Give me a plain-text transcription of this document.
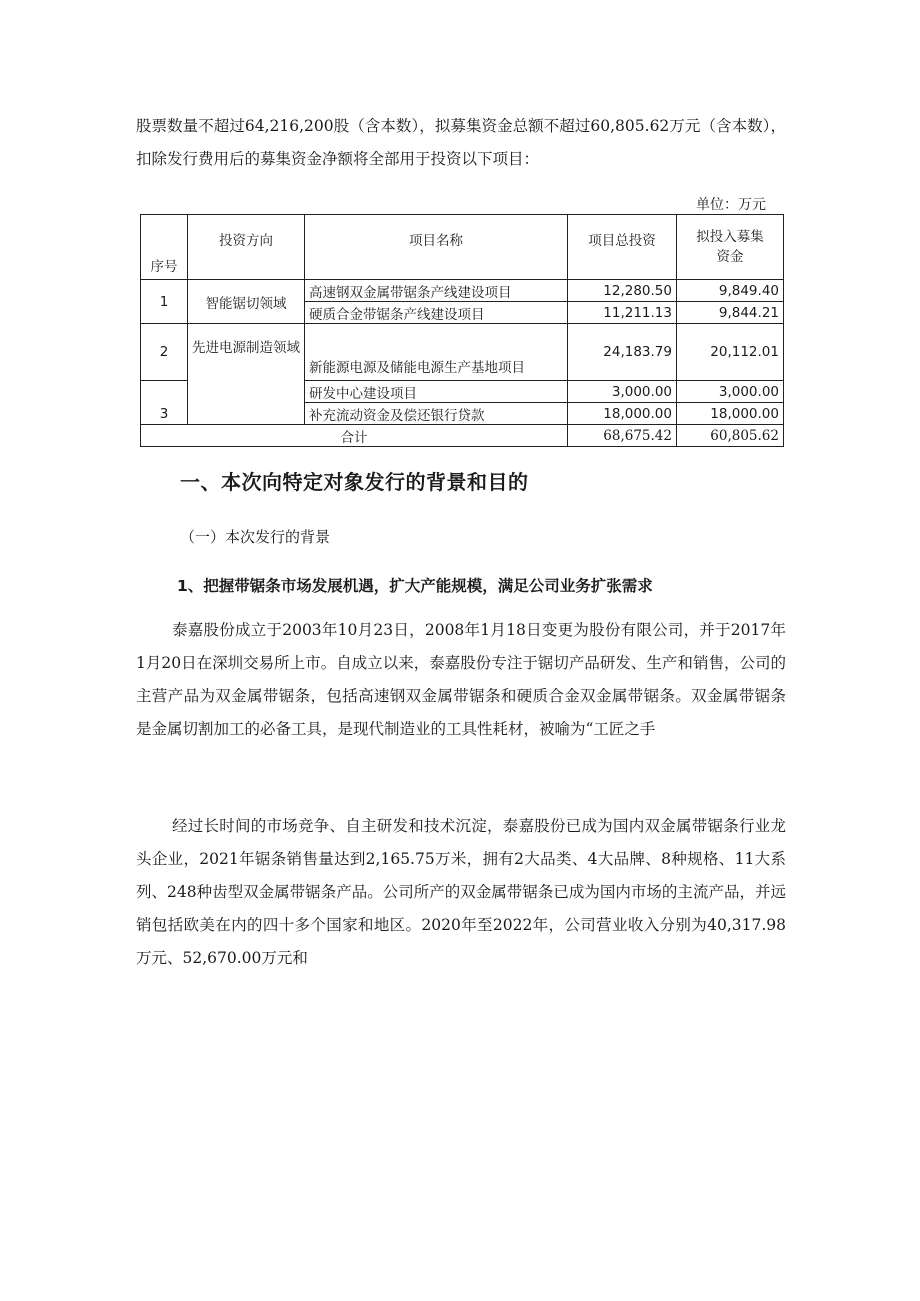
股票数量不超过64,216,200股（含本数），拟募集资金总额不超过60,805.62万元（含本数），扣除发行费用后的募集资金净额将全部用于投资以下项目：
单位：万元
序号	投资方向	项目名称	项目总投资	拟投入募集资金
1	智能锯切领域	高速钢双金属带锯条产线建设项目	12,280.50	9,849.40
		硬质合金带锯条产线建设项目	11,211.13	9,844.21
2	先进电源制造领域	新能源电源及储能电源生产基地项目	24,183.79	20,112.01
3		研发中心建设项目	3,000.00	3,000.00
		补充流动资金及偿还银行贷款	18,000.00	18,000.00
合计			68,675.42	60,805.62
一、本次向特定对象发行的背景和目的
（一）本次发行的背景
1、把握带锯条市场发展机遇，扩大产能规模，满足公司业务扩张需求
泰嘉股份成立于2003年10月23日，2008年1月18日变更为股份有限公司，并于2017年1月20日在深圳交易所上市。自成立以来，泰嘉股份专注于锯切产品研发、生产和销售，公司的主营产品为双金属带锯条，包括高速钢双金属带锯条和硬质合金双金属带锯条。双金属带锯条是金属切割加工的必备工具，是现代制造业的工具性耗材，被喻为“工匠之手
经过长时间的市场竞争、自主研发和技术沉淀，泰嘉股份已成为国内双金属带锯条行业龙头企业，2021年锯条销售量达到2,165.75万米，拥有2大品类、4大品牌、8种规格、11大系列、248种齿型双金属带锯条产品。公司所产的双金属带锯条已成为国内市场的主流产品，并远销包括欧美在内的四十多个国家和地区。2020年至2022年，公司营业收入分别为40,317.98万元、52,670.00万元和
